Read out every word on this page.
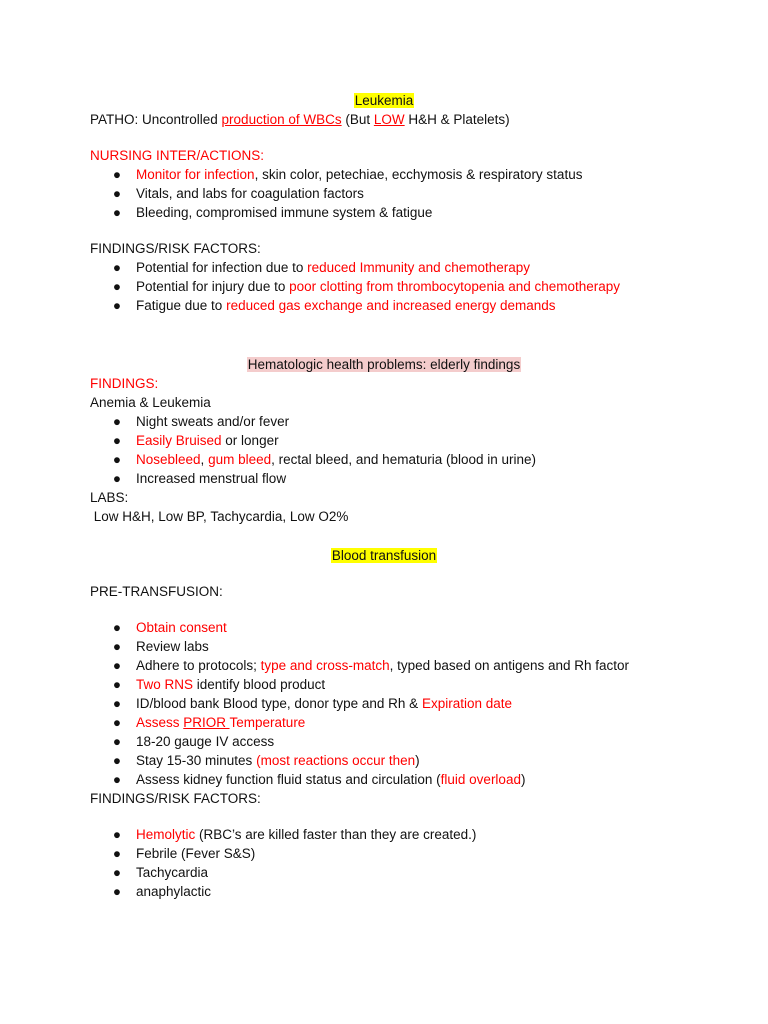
Leukemia
PATHO: Uncontrolled production of WBCs (But LOW H&H & Platelets)
NURSING INTER/ACTIONS:
● Monitor for infection, skin color, petechiae, ecchymosis & respiratory status
● Vitals, and labs for coagulation factors
● Bleeding, compromised immune system & fatigue
FINDINGS/RISK FACTORS:
● Potential for infection due to reduced Immunity and chemotherapy
● Potential for injury due to poor clotting from thrombocytopenia and chemotherapy
● Fatigue due to reduced gas exchange and increased energy demands
Hematologic health problems: elderly findings
FINDINGS:
Anemia & Leukemia
● Night sweats and/or fever
● Easily Bruised or longer
● Nosebleed, gum bleed, rectal bleed, and hematuria (blood in urine)
● Increased menstrual flow
LABS:
Low H&H, Low BP, Tachycardia, Low O2%
Blood transfusion
PRE-TRANSFUSION:
● Obtain consent
● Review labs
● Adhere to protocols; type and cross-match, typed based on antigens and Rh factor
● Two RNS identify blood product
● ID/blood bank Blood type, donor type and Rh & Expiration date
● Assess PRIOR Temperature
● 18-20 gauge IV access
● Stay 15-30 minutes (most reactions occur then)
● Assess kidney function fluid status and circulation (fluid overload)
FINDINGS/RISK FACTORS:
● Hemolytic (RBC’s are killed faster than they are created.)
● Febrile (Fever S&S)
● Tachycardia
● anaphylactic
